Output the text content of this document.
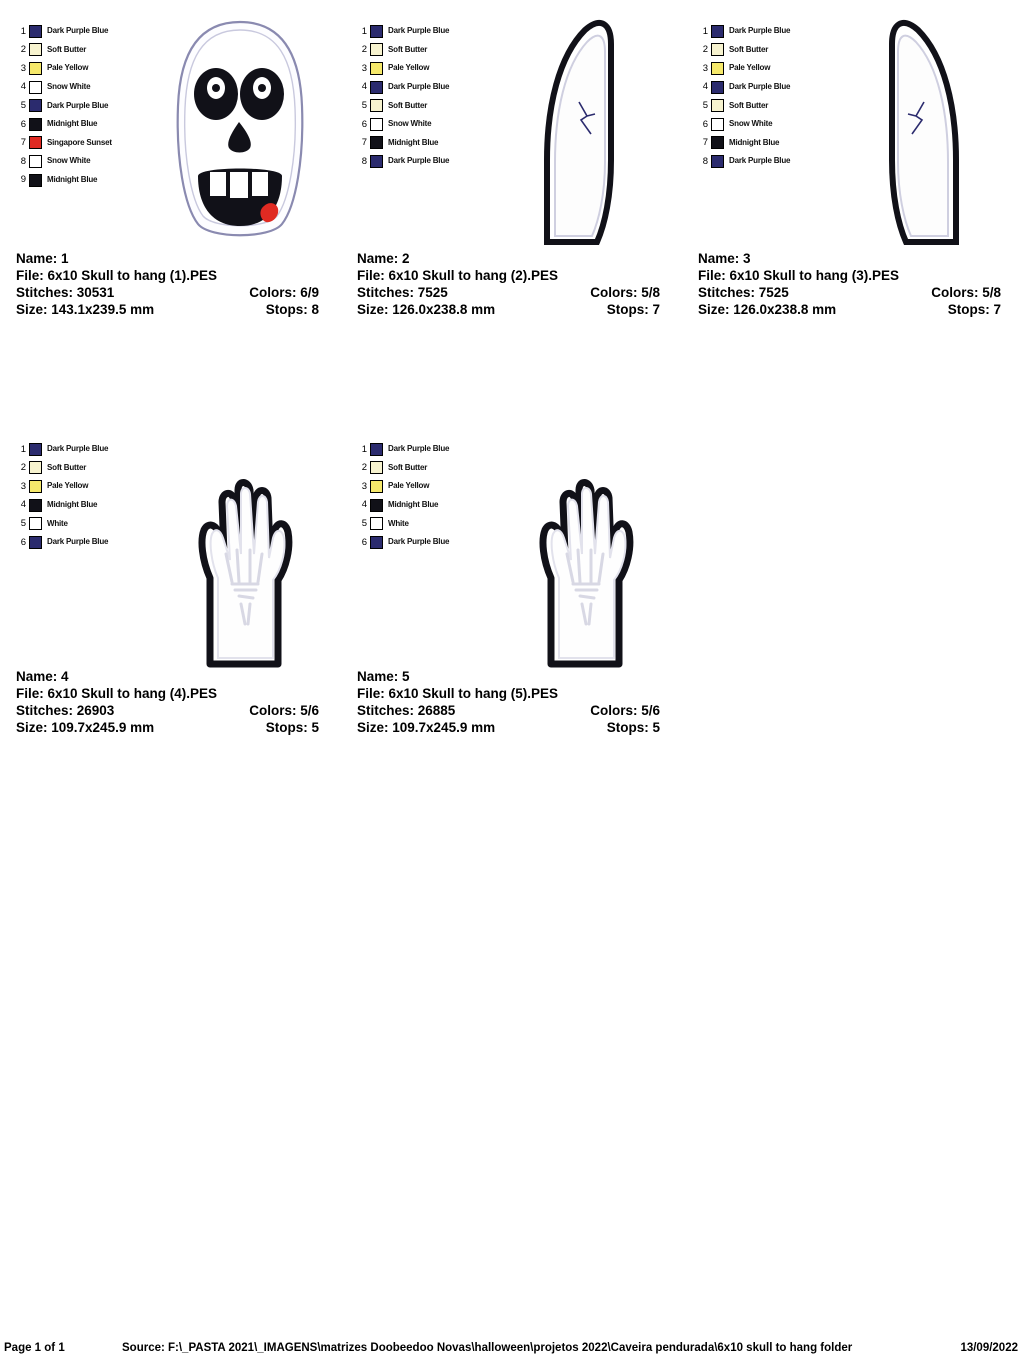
1	Dark Purple Blue
2	Soft Butter
3	Pale Yellow
4	Snow White
5	Dark Purple Blue
6	Midnight Blue
7	Singapore Sunset
8	Snow White
9	Midnight Blue
Name: 1
File: 6x10 Skull to hang (1).PES
Stitches: 30531	Colors: 6/9
Size: 143.1x239.5 mm	Stops: 8
1	Dark Purple Blue
2	Soft Butter
3	Pale Yellow
4	Dark Purple Blue
5	Soft Butter
6	Snow White
7	Midnight Blue
8	Dark Purple Blue
Name: 2
File: 6x10 Skull to hang (2).PES
Stitches: 7525	Colors: 5/8
Size: 126.0x238.8 mm	Stops: 7
1	Dark Purple Blue
2	Soft Butter
3	Pale Yellow
4	Dark Purple Blue
5	Soft Butter
6	Snow White
7	Midnight Blue
8	Dark Purple Blue
Name: 3
File: 6x10 Skull to hang (3).PES
Stitches: 7525	Colors: 5/8
Size: 126.0x238.8 mm	Stops: 7
1	Dark Purple Blue
2	Soft Butter
3	Pale Yellow
4	Midnight Blue
5	White
6	Dark Purple Blue
Name: 4
File: 6x10 Skull to hang (4).PES
Stitches: 26903	Colors: 5/6
Size: 109.7x245.9 mm	Stops: 5
1	Dark Purple Blue
2	Soft Butter
3	Pale Yellow
4	Midnight Blue
5	White
6	Dark Purple Blue
Name: 5
File: 6x10 Skull to hang (5).PES
Stitches: 26885	Colors: 5/6
Size: 109.7x245.9 mm	Stops: 5
Page 1 of 1	Source: F:\_PASTA 2021\_IMAGENS\matrizes Doobeedoo Novas\halloween\projetos 2022\Caveira pendurada\6x10 skull to hang folder	13/09/2022
